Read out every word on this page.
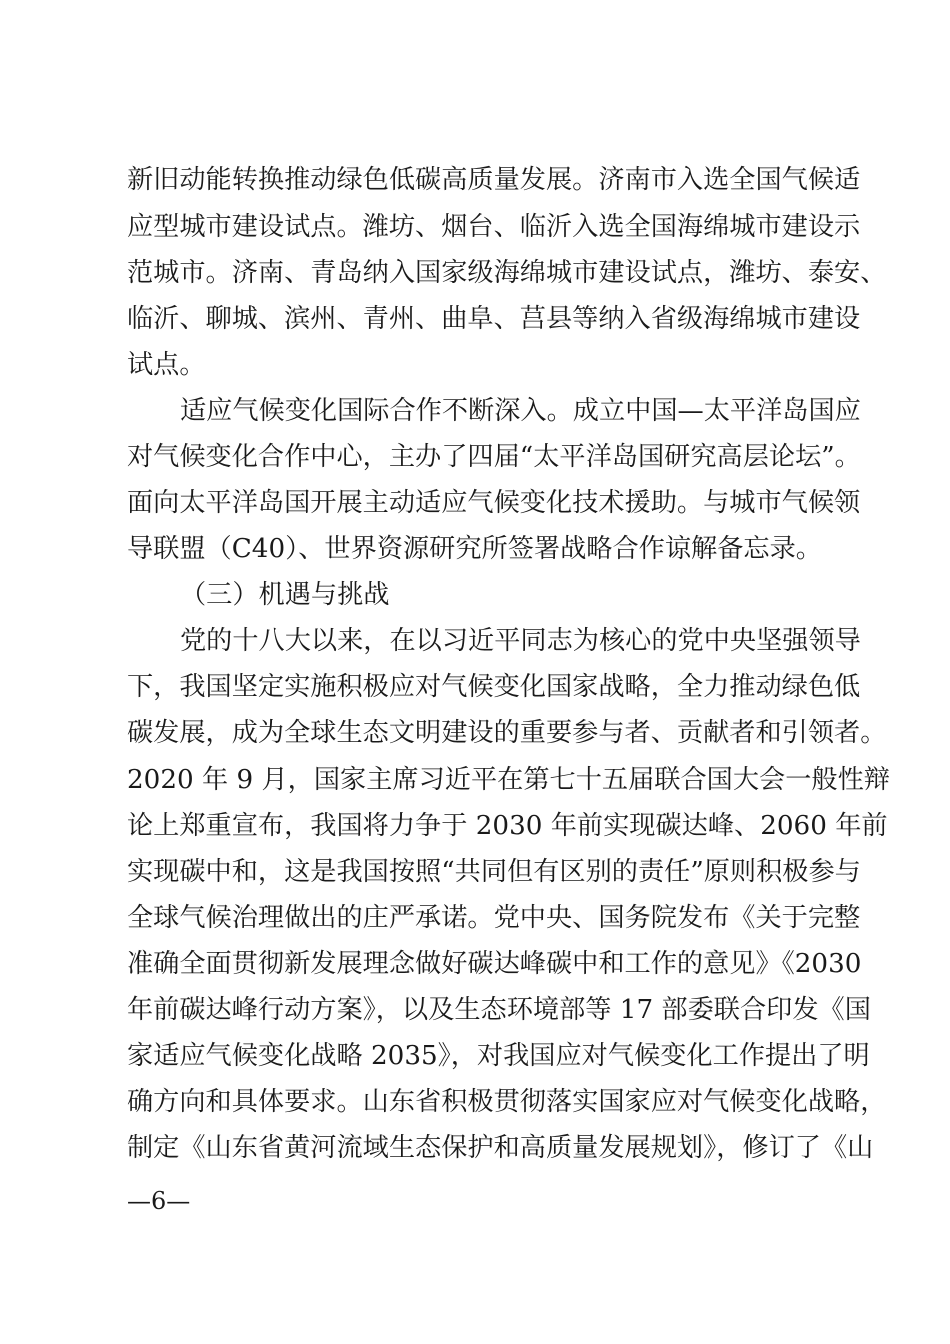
新旧动能转换推动绿色低碳高质量发展。济南市入选全国气候适
应型城市建设试点。潍坊、烟台、临沂入选全国海绵城市建设示
范城市。济南、青岛纳入国家级海绵城市建设试点，潍坊、泰安、
临沂、聊城、滨州、青州、曲阜、莒县等纳入省级海绵城市建设
试点。
适应气候变化国际合作不断深入。成立中国—太平洋岛国应
对气候变化合作中心，主办了四届“太平洋岛国研究高层论坛”。
面向太平洋岛国开展主动适应气候变化技术援助。与城市气候领
导联盟（C40）、世界资源研究所签署战略合作谅解备忘录。
（三）机遇与挑战
党的十八大以来，在以习近平同志为核心的党中央坚强领导
下，我国坚定实施积极应对气候变化国家战略，全力推动绿色低
碳发展，成为全球生态文明建设的重要参与者、贡献者和引领者。
2020 年 9 月，国家主席习近平在第七十五届联合国大会一般性辩
论上郑重宣布，我国将力争于 2030 年前实现碳达峰、2060 年前
实现碳中和，这是我国按照“共同但有区别的责任”原则积极参与
全球气候治理做出的庄严承诺。党中央、国务院发布《关于完整
准确全面贯彻新发展理念做好碳达峰碳中和工作的意见》《2030
年前碳达峰行动方案》，以及生态环境部等 17 部委联合印发《国
家适应气候变化战略 2035》，对我国应对气候变化工作提出了明
确方向和具体要求。山东省积极贯彻落实国家应对气候变化战略，
制定《山东省黄河流域生态保护和高质量发展规划》，修订了《山
—6—
